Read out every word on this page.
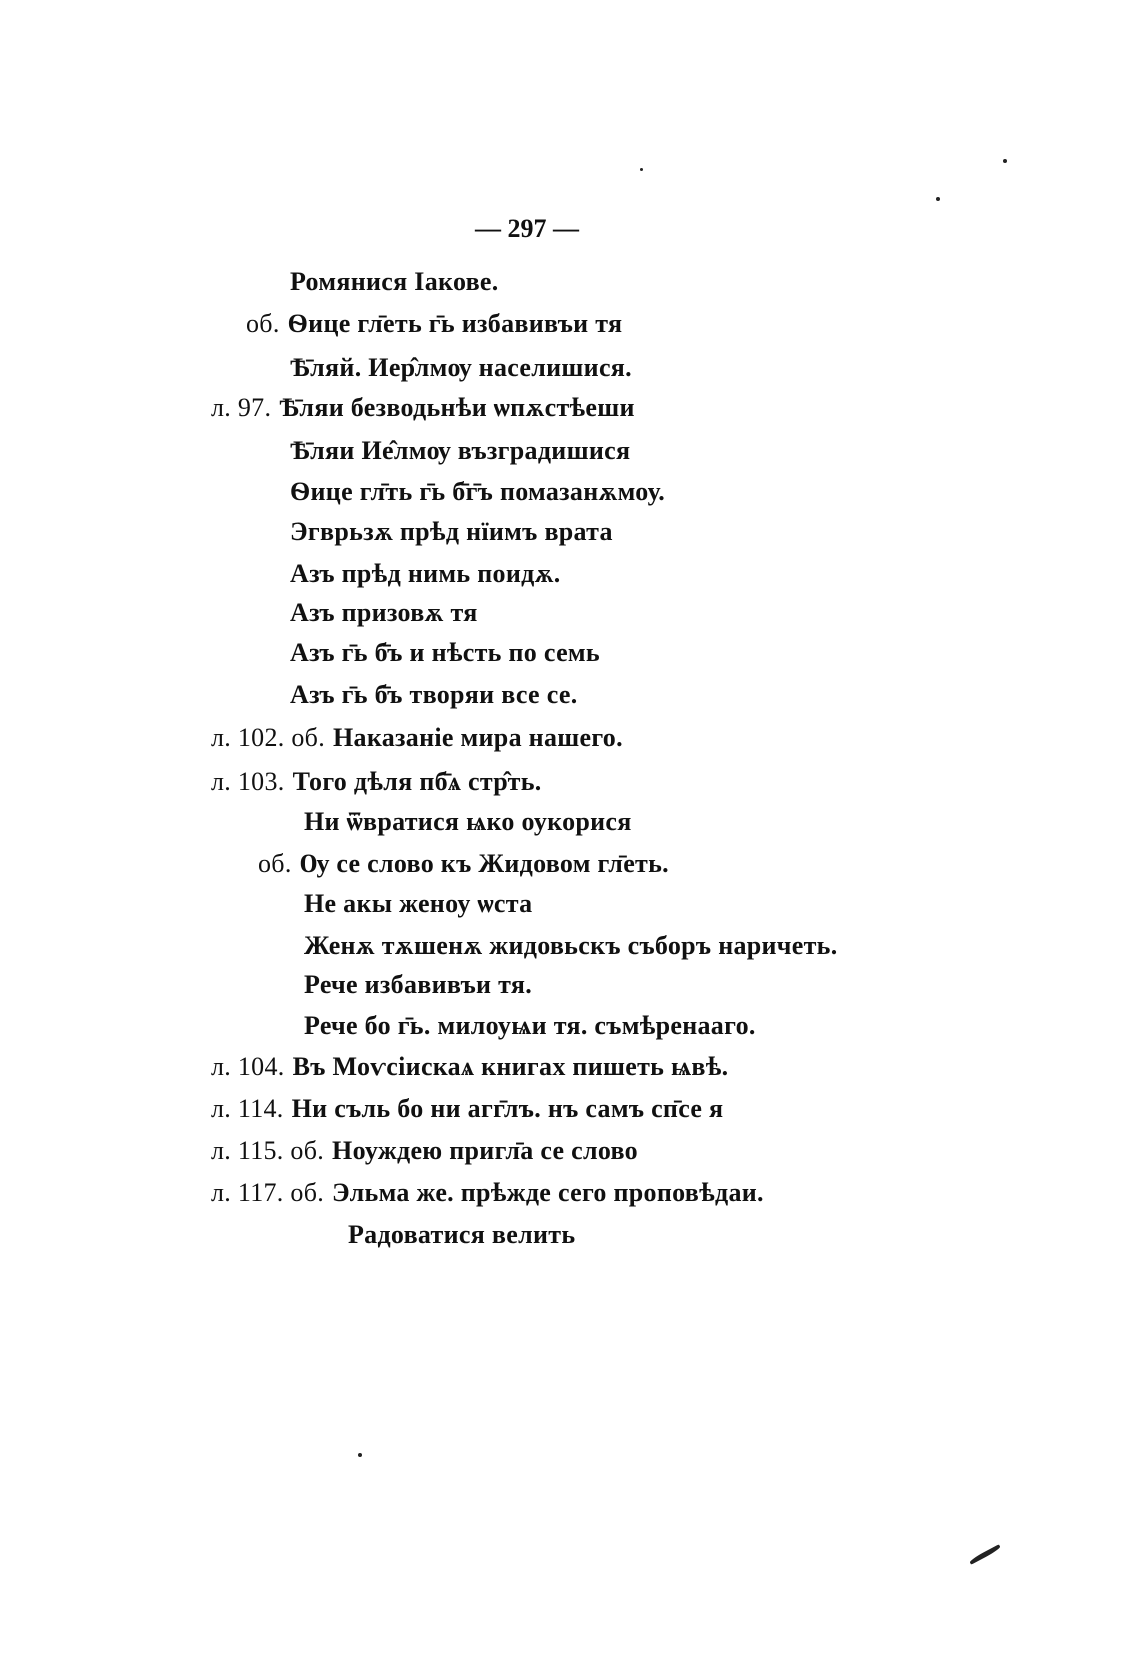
— 297 —
Ромянися Іакове.
об. Ѳице гл̄еть г̄ь избавивъи тя
Ѣ̄ляй. Иер̂лмѹ населишися.
л. 97. Ѣ̄ляи безводьнѣи ѡпѫстѣеши
Ѣ̄ляи Ие̂лмѹ възградишися
Ѳице гл̄ть г̄ь б̄г̄ъ помазанѫмоу.
Эгврьзѫ прѣд нїимъ врата
Азъ прѣд нимь поидѫ.
Азъ призовѫ тя
Азъ г̄ь б̄ъ и нѣсть по семь
Азъ г̄ь б̄ъ творяи все се.
л. 102. об. Наказаніе мира нашего.
л. 103. Того дѣля пб̄ѧ стр̂ть.
Ни ѿвратися ѩко оукорися
об. Ѹ се слово къ Жидовом гл̄еть.
Не акы женоу ѡста
Женѫ тѫшенѫ жидовьскъ съборъ наричеть.
Рече избавивъи тя.
Рече бо г̄ь. милоуѩи тя. съмѣренааго.
л. 104. Въ Моѵсіискаѧ книгах пишеть ѩвѣ.
л. 114. Ни съль бо ни агг̄лъ. нъ самъ сп̄се я
л. 115. об. Ноуждею пригл̄а се слово
л. 117. об. Эльма же. прѣжде сего проповѣдаи.
Радоватися велить
